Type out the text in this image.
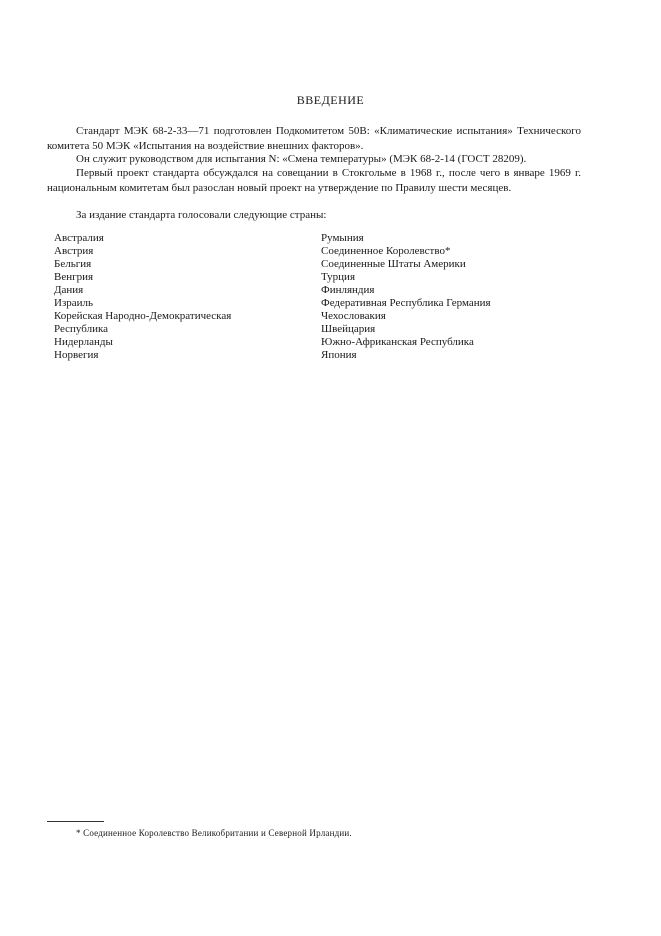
ВВЕДЕНИЕ

Стандарт МЭК 68-2-33—71 подготовлен Подкомитетом 50В: «Климатические испытания» Технического комитета 50 МЭК «Испытания на воздействие внешних факторов».

Он служит руководством для испытания N: «Смена температуры» (МЭК 68-2-14 (ГОСТ 28209).

Первый проект стандарта обсуждался на совещании в Стокгольме в 1968 г., после чего в январе 1969 г. национальным комитетам был разослан новый проект на утверждение по Правилу шести месяцев.

За издание стандарта голосовали следующие страны:

Австралия
Австрия
Бельгия
Венгрия
Дания
Израиль
Корейская Народно-Демократическая
Республика
Нидерланды
Норвегия
Румыния
Соединенное Королевство*
Соединенные Штаты Америки
Турция
Финляндия
Федеративная Республика Германия
Чехословакия
Швейцария
Южно-Африканская Республика
Япония
* Соединенное Королевство Великобритании и Северной Ирландии.
